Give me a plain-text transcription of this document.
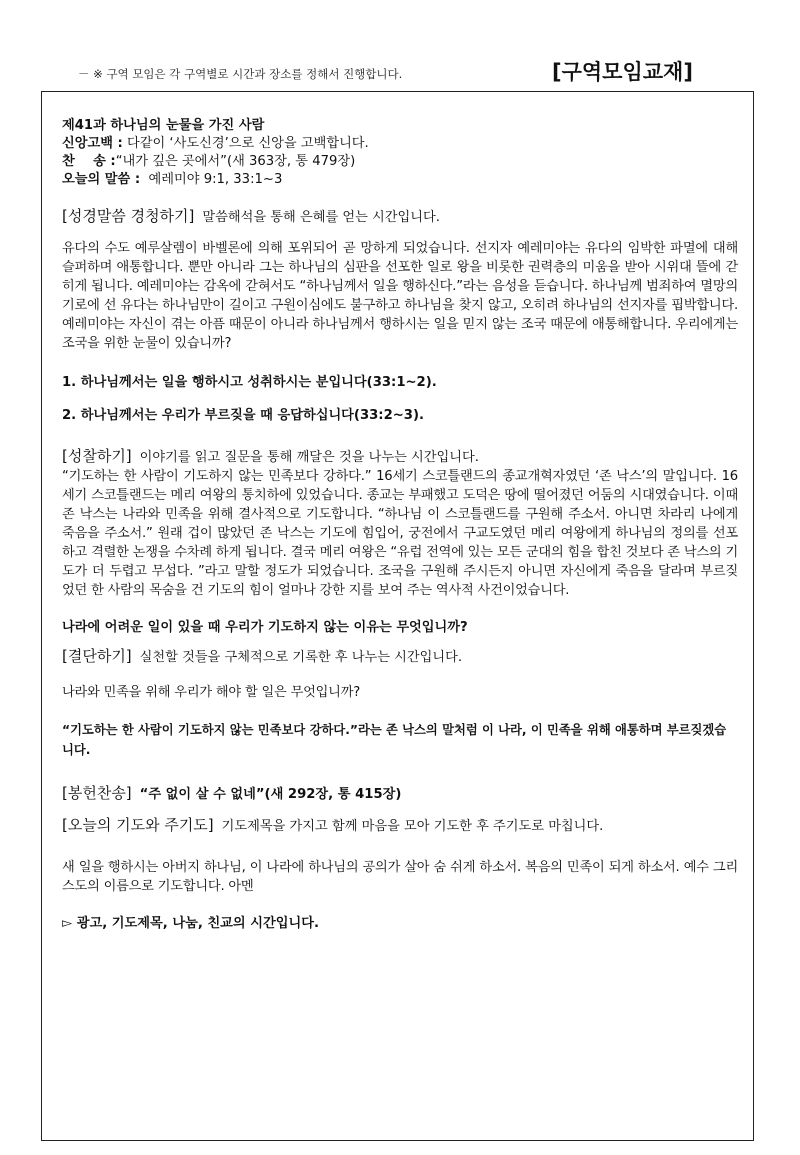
－ ※ 구역 모임은 각 구역별로 시간과 장소를 정해서 진행합니다.	[구역모임교재]
제41과 하나님의 눈물을 가진 사람
신앙고백 : 다같이 ‘사도신경’으로 신앙을 고백합니다.
찬    송 :“내가 깊은 곳에서”(새 363장, 통 479장)
오늘의 말씀 :  예레미야 9:1, 33:1~3
[성경말씀 경청하기] 말씀해석을 통해 은혜를 얻는 시간입니다.

유다의 수도 예루살렘이 바벨론에 의해 포위되어 곧 망하게 되었습니다. 선지자 예레미야는 유다의 임박한 파멸에 대해 슬퍼하며 애통합니다. 뿐만 아니라 그는 하나님의 심판을 선포한 일로 왕을 비롯한 권력층의 미움을 받아 시위대 뜰에 갇히게 됩니다. 예레미야는 감옥에 갇혀서도 “하나님께서 일을 행하신다.”라는 음성을 듣습니다. 하나님께 범죄하여 멸망의 기로에 선 유다는 하나님만이 길이고 구원이심에도 불구하고 하나님을 찾지 않고, 오히려 하나님의 선지자를 핍박합니다. 예레미야는 자신이 겪는 아픔 때문이 아니라 하나님께서 행하시는 일을 믿지 않는 조국 때문에 애통해합니다. 우리에게는 조국을 위한 눈물이 있습니까?

1. 하나님께서는 일을 행하시고 성취하시는 분입니다(33:1~2).

2. 하나님께서는 우리가 부르짖을 때 응답하십니다(33:2~3).

[성찰하기] 이야기를 읽고 질문을 통해 깨달은 것을 나누는 시간입니다.

“기도하는 한 사람이 기도하지 않는 민족보다 강하다.” 16세기 스코틀랜드의 종교개혁자였던 ‘존 낙스’의 말입니다. 16세기 스코틀랜드는 메리 여왕의 통치하에 있었습니다. 종교는 부패했고 도덕은 땅에 떨어졌던 어둠의 시대였습니다. 이때 존 낙스는 나라와 민족을 위해 결사적으로 기도합니다. “하나님 이 스코틀랜드를 구원해 주소서. 아니면 차라리 나에게 죽음을 주소서.” 원래 겁이 많았던 존 낙스는 기도에 힘입어, 궁전에서 구교도였던 메리 여왕에게 하나님의 정의를 선포하고 격렬한 논쟁을 수차례 하게 됩니다. 결국 메리 여왕은 “유럽 전역에 있는 모든 군대의 힘을 합친 것보다 존 낙스의 기도가 더 두렵고 무섭다. ”라고 말할 정도가 되었습니다. 조국을 구원해 주시든지 아니면 자신에게 죽음을 달라며 부르짖었던 한 사람의 목숨을 건 기도의 힘이 얼마나 강한 지를 보여 주는 역사적 사건이었습니다.

나라에 어려운 일이 있을 때 우리가 기도하지 않는 이유는 무엇입니까?

[결단하기] 실천할 것들을 구체적으로 기록한 후 나누는 시간입니다.

나라와 민족을 위해 우리가 해야 할 일은 무엇입니까?

“기도하는 한 사람이 기도하지 않는 민족보다 강하다.”라는 존 낙스의 말처럼 이 나라, 이 민족을 위해 애통하며 부르짖겠습니다.

[봉헌찬송] “주 없이 살 수 없네”(새 292장, 통 415장)
[오늘의 기도와 주기도] 기도제목을 가지고 함께 마음을 모아 기도한 후 주기도로 마칩니다.

새 일을 행하시는 아버지 하나님, 이 나라에 하나님의 공의가 살아 숨 쉬게 하소서. 복음의 민족이 되게 하소서. 예수 그리스도의 이름으로 기도합니다. 아멘

▻ 광고, 기도제목, 나눔, 친교의 시간입니다.
